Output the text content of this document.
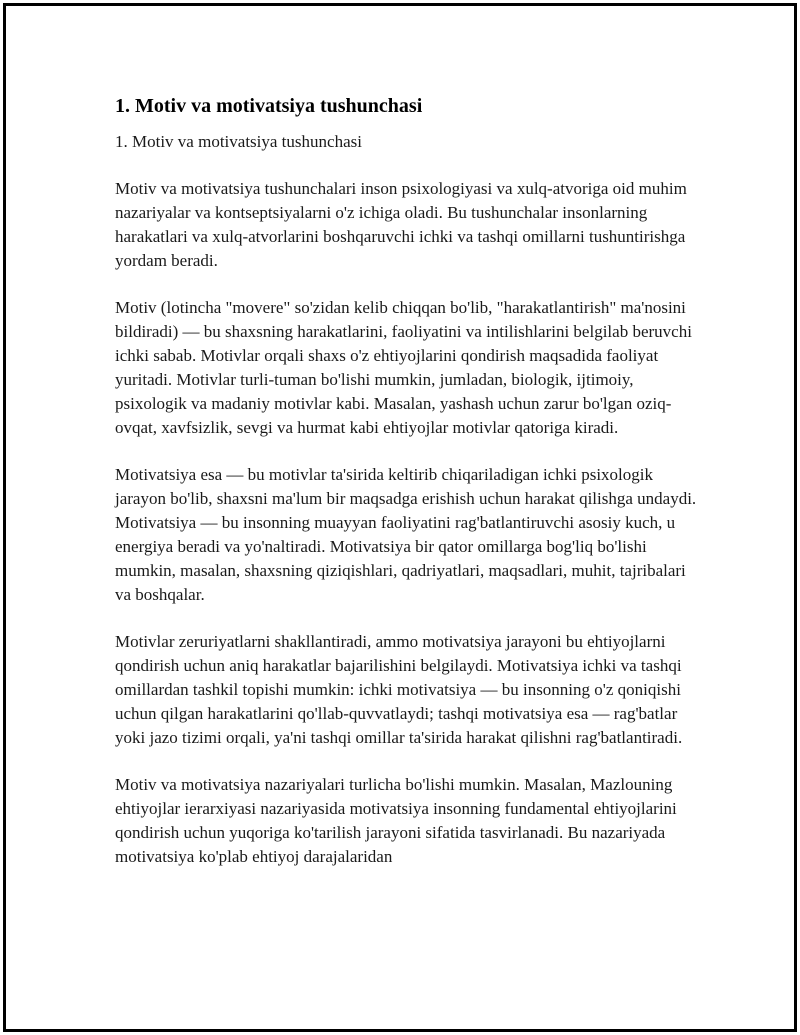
1. Motiv va motivatsiya tushunchasi

1. Motiv va motivatsiya tushunchasi

Motiv va motivatsiya tushunchalari inson psixologiyasi va xulq-atvoriga oid muhim nazariyalar va kontseptsiyalarni o'z ichiga oladi. Bu tushunchalar insonlarning harakatlari va xulq-atvorlarini boshqaruvchi ichki va tashqi omillarni tushuntirishga yordam beradi.

Motiv (lotincha "movere" so'zidan kelib chiqqan bo'lib, "harakatlantirish" ma'nosini bildiradi) — bu shaxsning harakatlarini, faoliyatini va intilishlarini belgilab beruvchi ichki sabab. Motivlar orqali shaxs o'z ehtiyojlarini qondirish maqsadida faoliyat yuritadi. Motivlar turli-tuman bo'lishi mumkin, jumladan, biologik, ijtimoiy, psixologik va madaniy motivlar kabi. Masalan, yashash uchun zarur bo'lgan oziq-ovqat, xavfsizlik, sevgi va hurmat kabi ehtiyojlar motivlar qatoriga kiradi.

Motivatsiya esa — bu motivlar ta'sirida keltirib chiqariladigan ichki psixologik jarayon bo'lib, shaxsni ma'lum bir maqsadga erishish uchun harakat qilishga undaydi. Motivatsiya — bu insonning muayyan faoliyatini rag'batlantiruvchi asosiy kuch, u energiya beradi va yo'naltiradi. Motivatsiya bir qator omillarga bog'liq bo'lishi mumkin, masalan, shaxsning qiziqishlari, qadriyatlari, maqsadlari, muhit, tajribalari va boshqalar.

Motivlar zeruriyatlarni shakllantiradi, ammo motivatsiya jarayoni bu ehtiyojlarni qondirish uchun aniq harakatlar bajarilishini belgilaydi. Motivatsiya ichki va tashqi omillardan tashkil topishi mumkin: ichki motivatsiya — bu insonning o'z qoniqishi uchun qilgan harakatlarini qo'llab-quvvatlaydi; tashqi motivatsiya esa — rag'batlar yoki jazo tizimi orqali, ya'ni tashqi omillar ta'sirida harakat qilishni rag'batlantiradi.

Motiv va motivatsiya nazariyalari turlicha bo'lishi mumkin. Masalan, Mazlouning ehtiyojlar ierarxiyasi nazariyasida motivatsiya insonning fundamental ehtiyojlarini qondirish uchun yuqoriga ko'tarilish jarayoni sifatida tasvirlanadi. Bu nazariyada motivatsiya ko'plab ehtiyoj darajalaridan
